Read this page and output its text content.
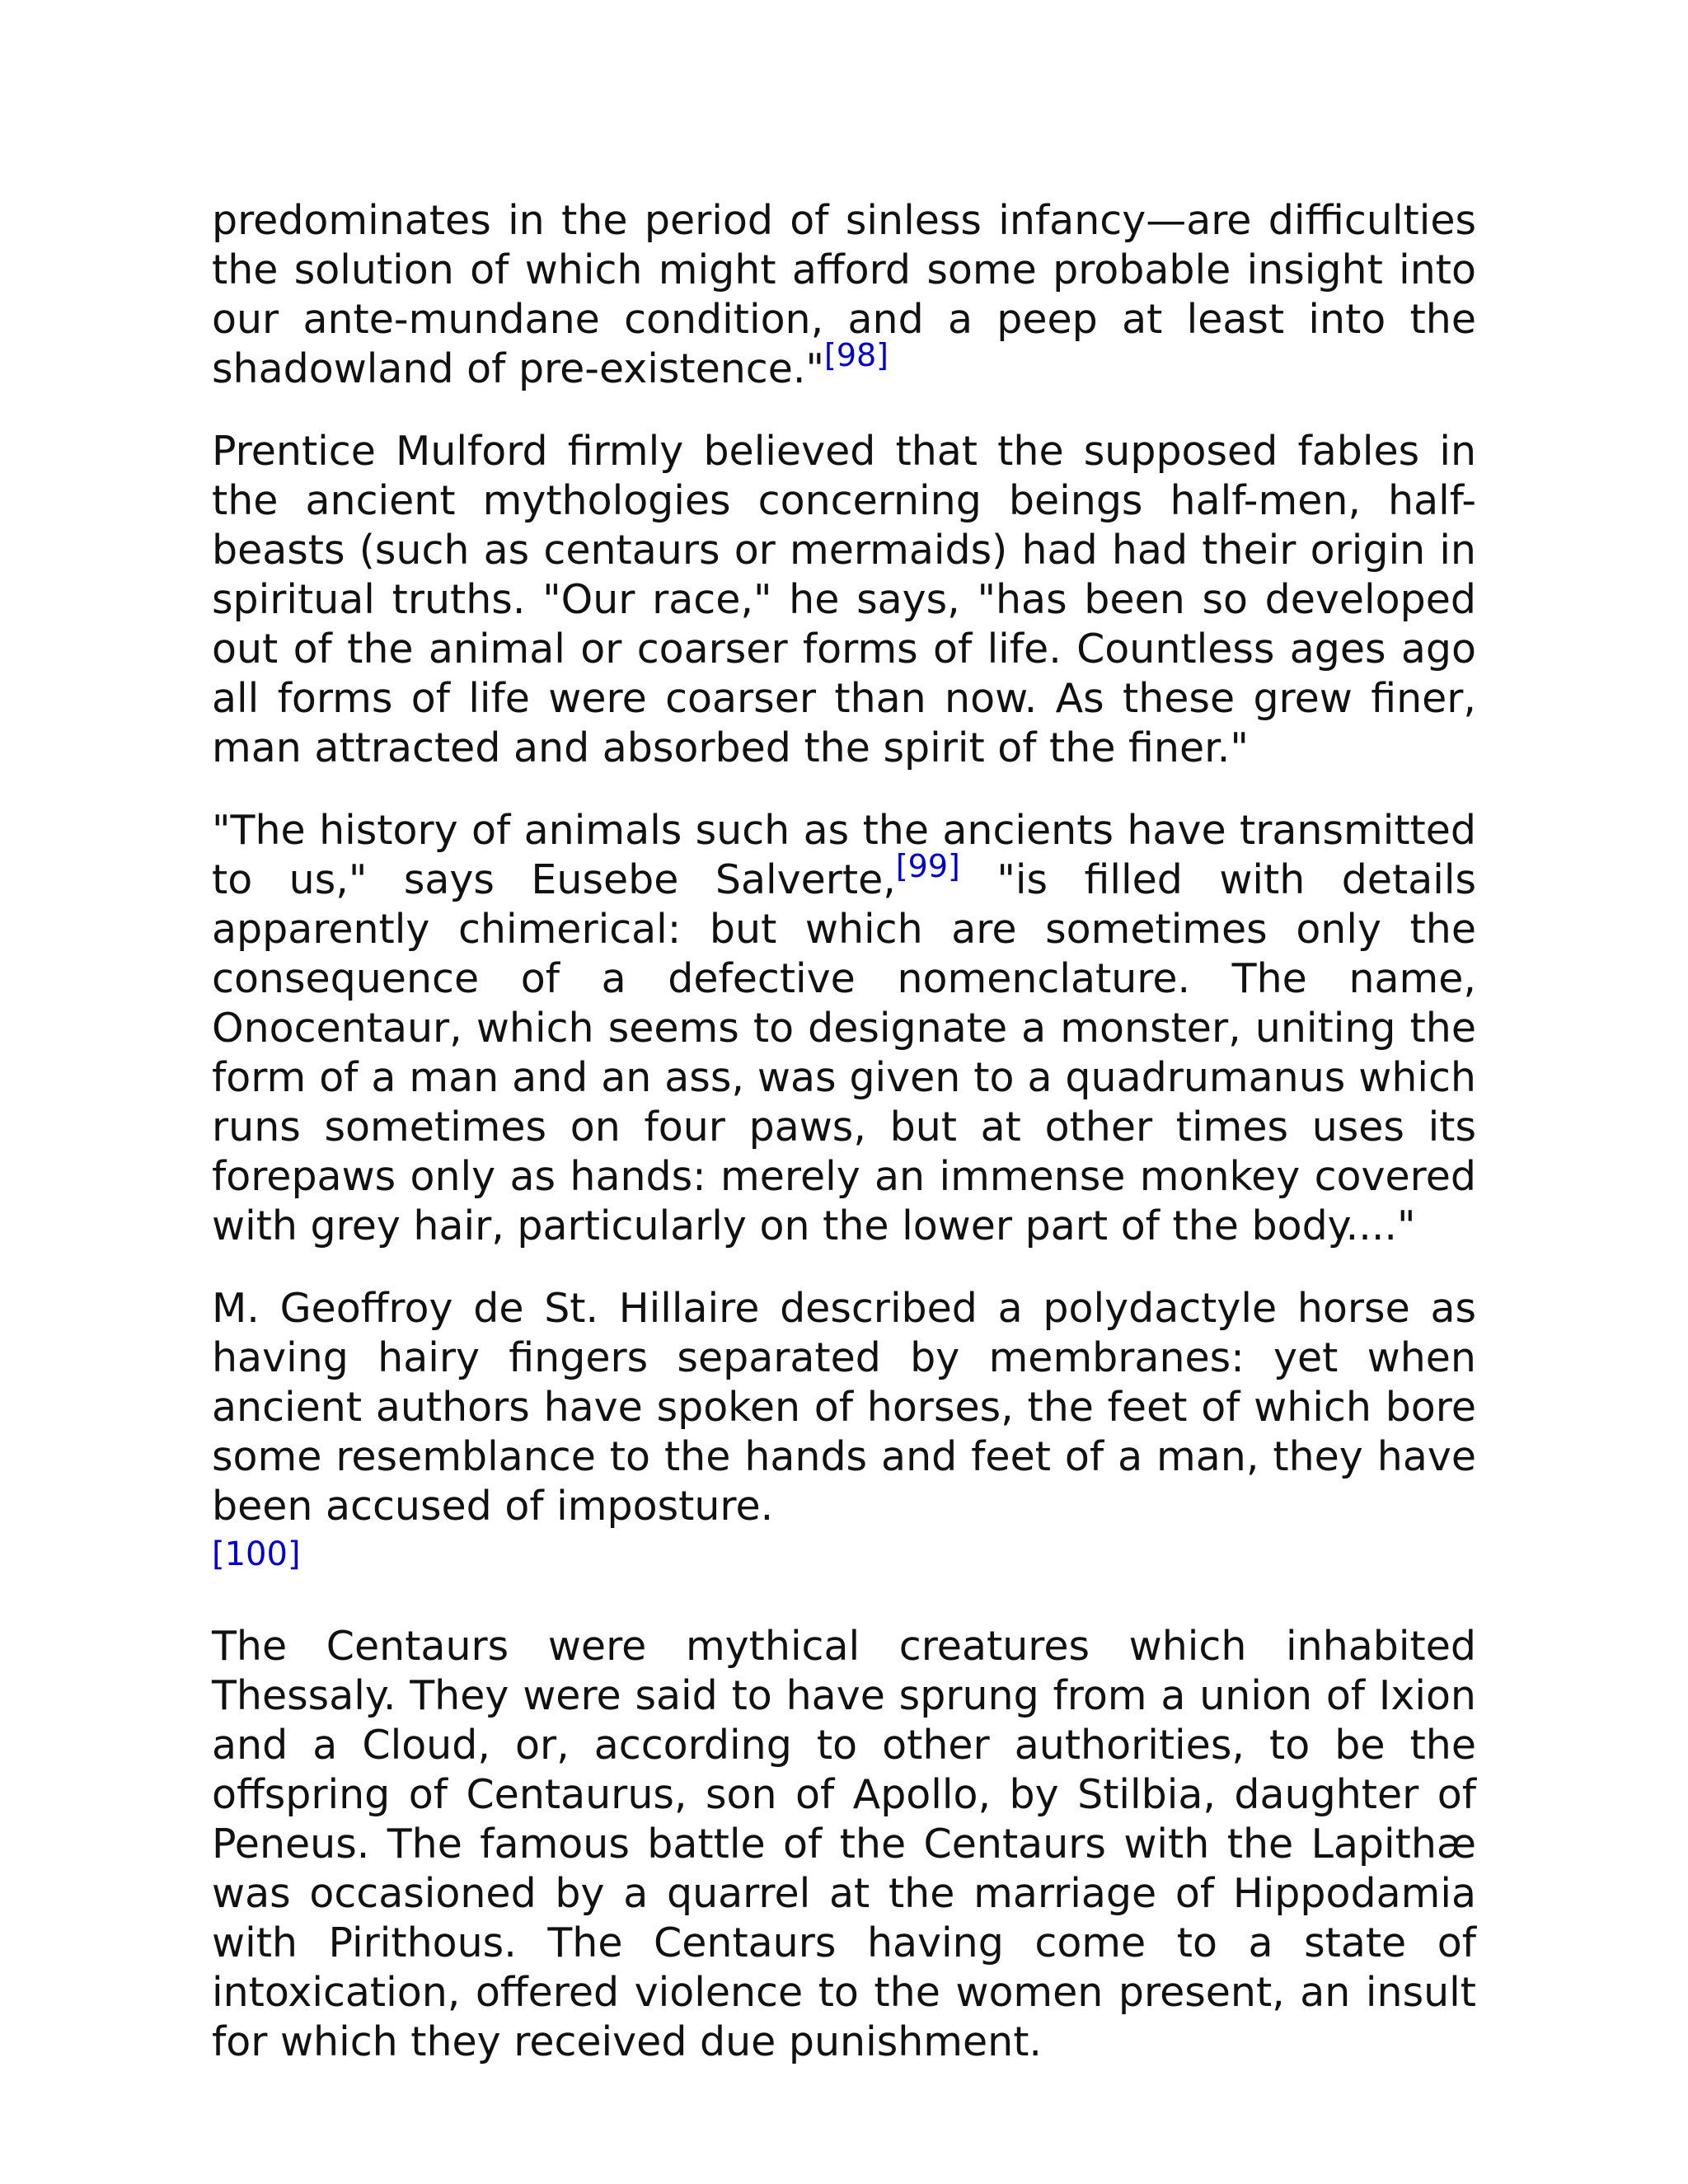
predominates in the period of sinless infancy—are difficulties the solution of which might afford some probable insight into our ante-mundane condition, and a peep at least into the shadowland of pre-existence."[98]

Prentice Mulford firmly believed that the supposed fables in the ancient mythologies concerning beings half-men, half-beasts (such as centaurs or mermaids) had had their origin in spiritual truths. "Our race," he says, "has been so developed out of the animal or coarser forms of life. Countless ages ago all forms of life were coarser than now. As these grew finer, man attracted and absorbed the spirit of the finer."

"The history of animals such as the ancients have transmitted to us," says Eusebe Salverte,[99] "is filled with details apparently chimerical: but which are sometimes only the consequence of a defective nomenclature. The name, Onocentaur, which seems to designate a monster, uniting the form of a man and an ass, was given to a quadrumanus which runs sometimes on four paws, but at other times uses its forepaws only as hands: merely an immense monkey covered with grey hair, particularly on the lower part of the body...."

M. Geoffroy de St. Hillaire described a polydactyle horse as having hairy fingers separated by membranes: yet when ancient authors have spoken of horses, the feet of which bore some resemblance to the hands and feet of a man, they have been accused of imposture.

[100]

The Centaurs were mythical creatures which inhabited Thessaly. They were said to have sprung from a union of Ixion and a Cloud, or, according to other authorities, to be the offspring of Centaurus, son of Apollo, by Stilbia, daughter of Peneus. The famous battle of the Centaurs with the Lapithæ was occasioned by a quarrel at the marriage of Hippodamia with Pirithous. The Centaurs having come to a state of intoxication, offered violence to the women present, an insult for which they received due punishment.
